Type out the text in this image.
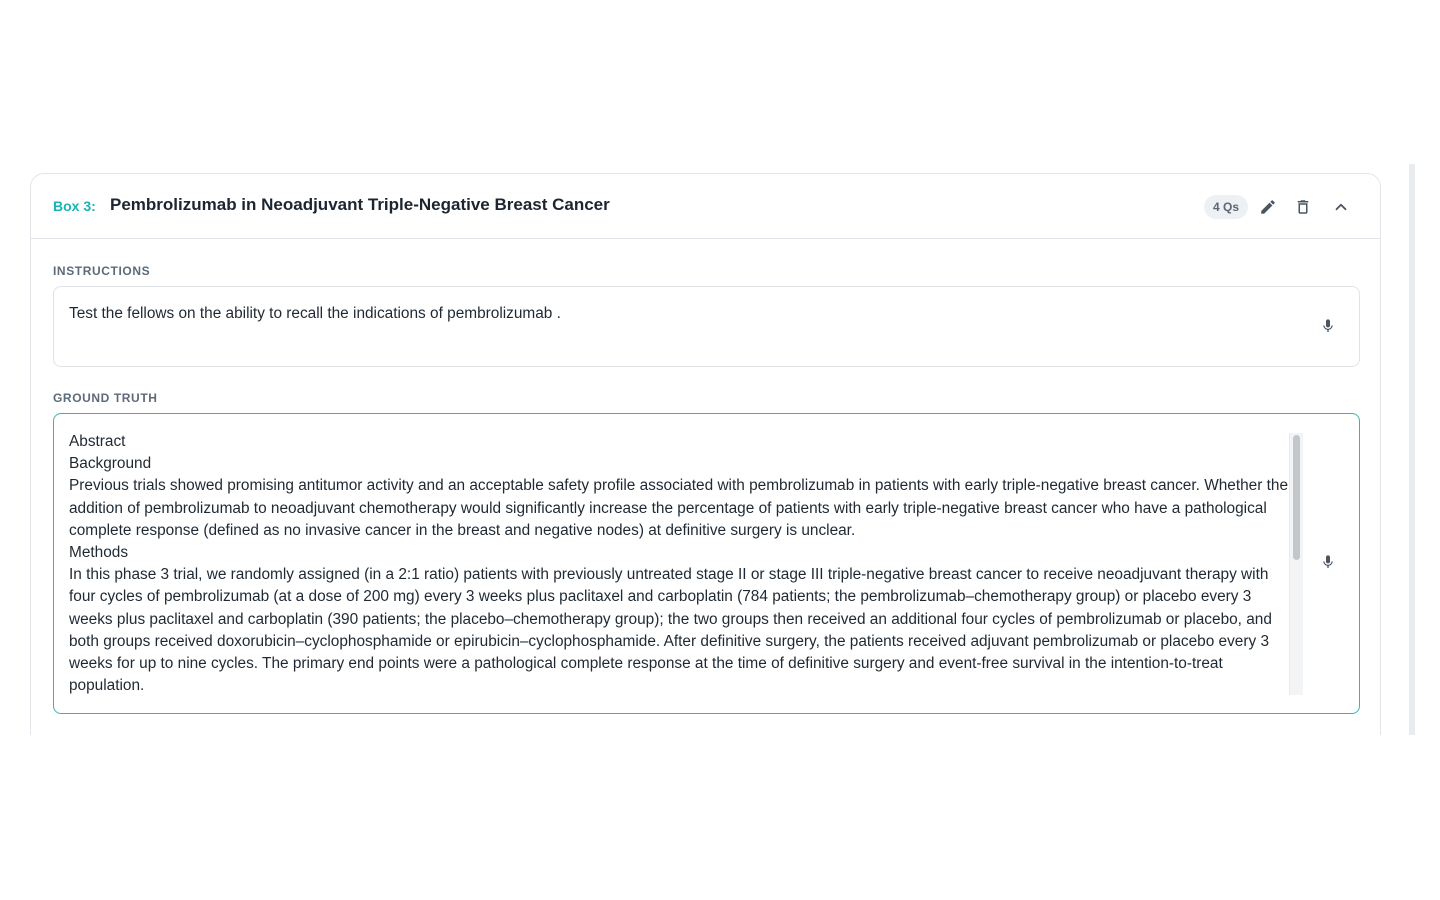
Box 3: Pembrolizumab in Neoadjuvant Triple-Negative Breast Cancer	4 Qs
INSTRUCTIONS
Test the fellows on the ability to recall the indications of pembrolizumab .
GROUND TRUTH

Abstract
Background
Previous trials showed promising antitumor activity and an acceptable safety profile associated with pembrolizumab in patients with early triple-negative breast cancer. Whether the addition of pembrolizumab to neoadjuvant chemotherapy would significantly increase the percentage of patients with early triple-negative breast cancer who have a pathological complete response (defined as no invasive cancer in the breast and negative nodes) at definitive surgery is unclear.
Methods
In this phase 3 trial, we randomly assigned (in a 2:1 ratio) patients with previously untreated stage II or stage III triple-negative breast cancer to receive neoadjuvant therapy with four cycles of pembrolizumab (at a dose of 200 mg) every 3 weeks plus paclitaxel and carboplatin (784 patients; the pembrolizumab–chemotherapy group) or placebo every 3 weeks plus paclitaxel and carboplatin (390 patients; the placebo–chemotherapy group); the two groups then received an additional four cycles of pembrolizumab or placebo, and both groups received doxorubicin–cyclophosphamide or epirubicin–cyclophosphamide. After definitive surgery, the patients received adjuvant pembrolizumab or placebo every 3 weeks for up to nine cycles. The primary end points were a pathological complete response at the time of definitive surgery and event-free survival in the intention-to-treat population.
